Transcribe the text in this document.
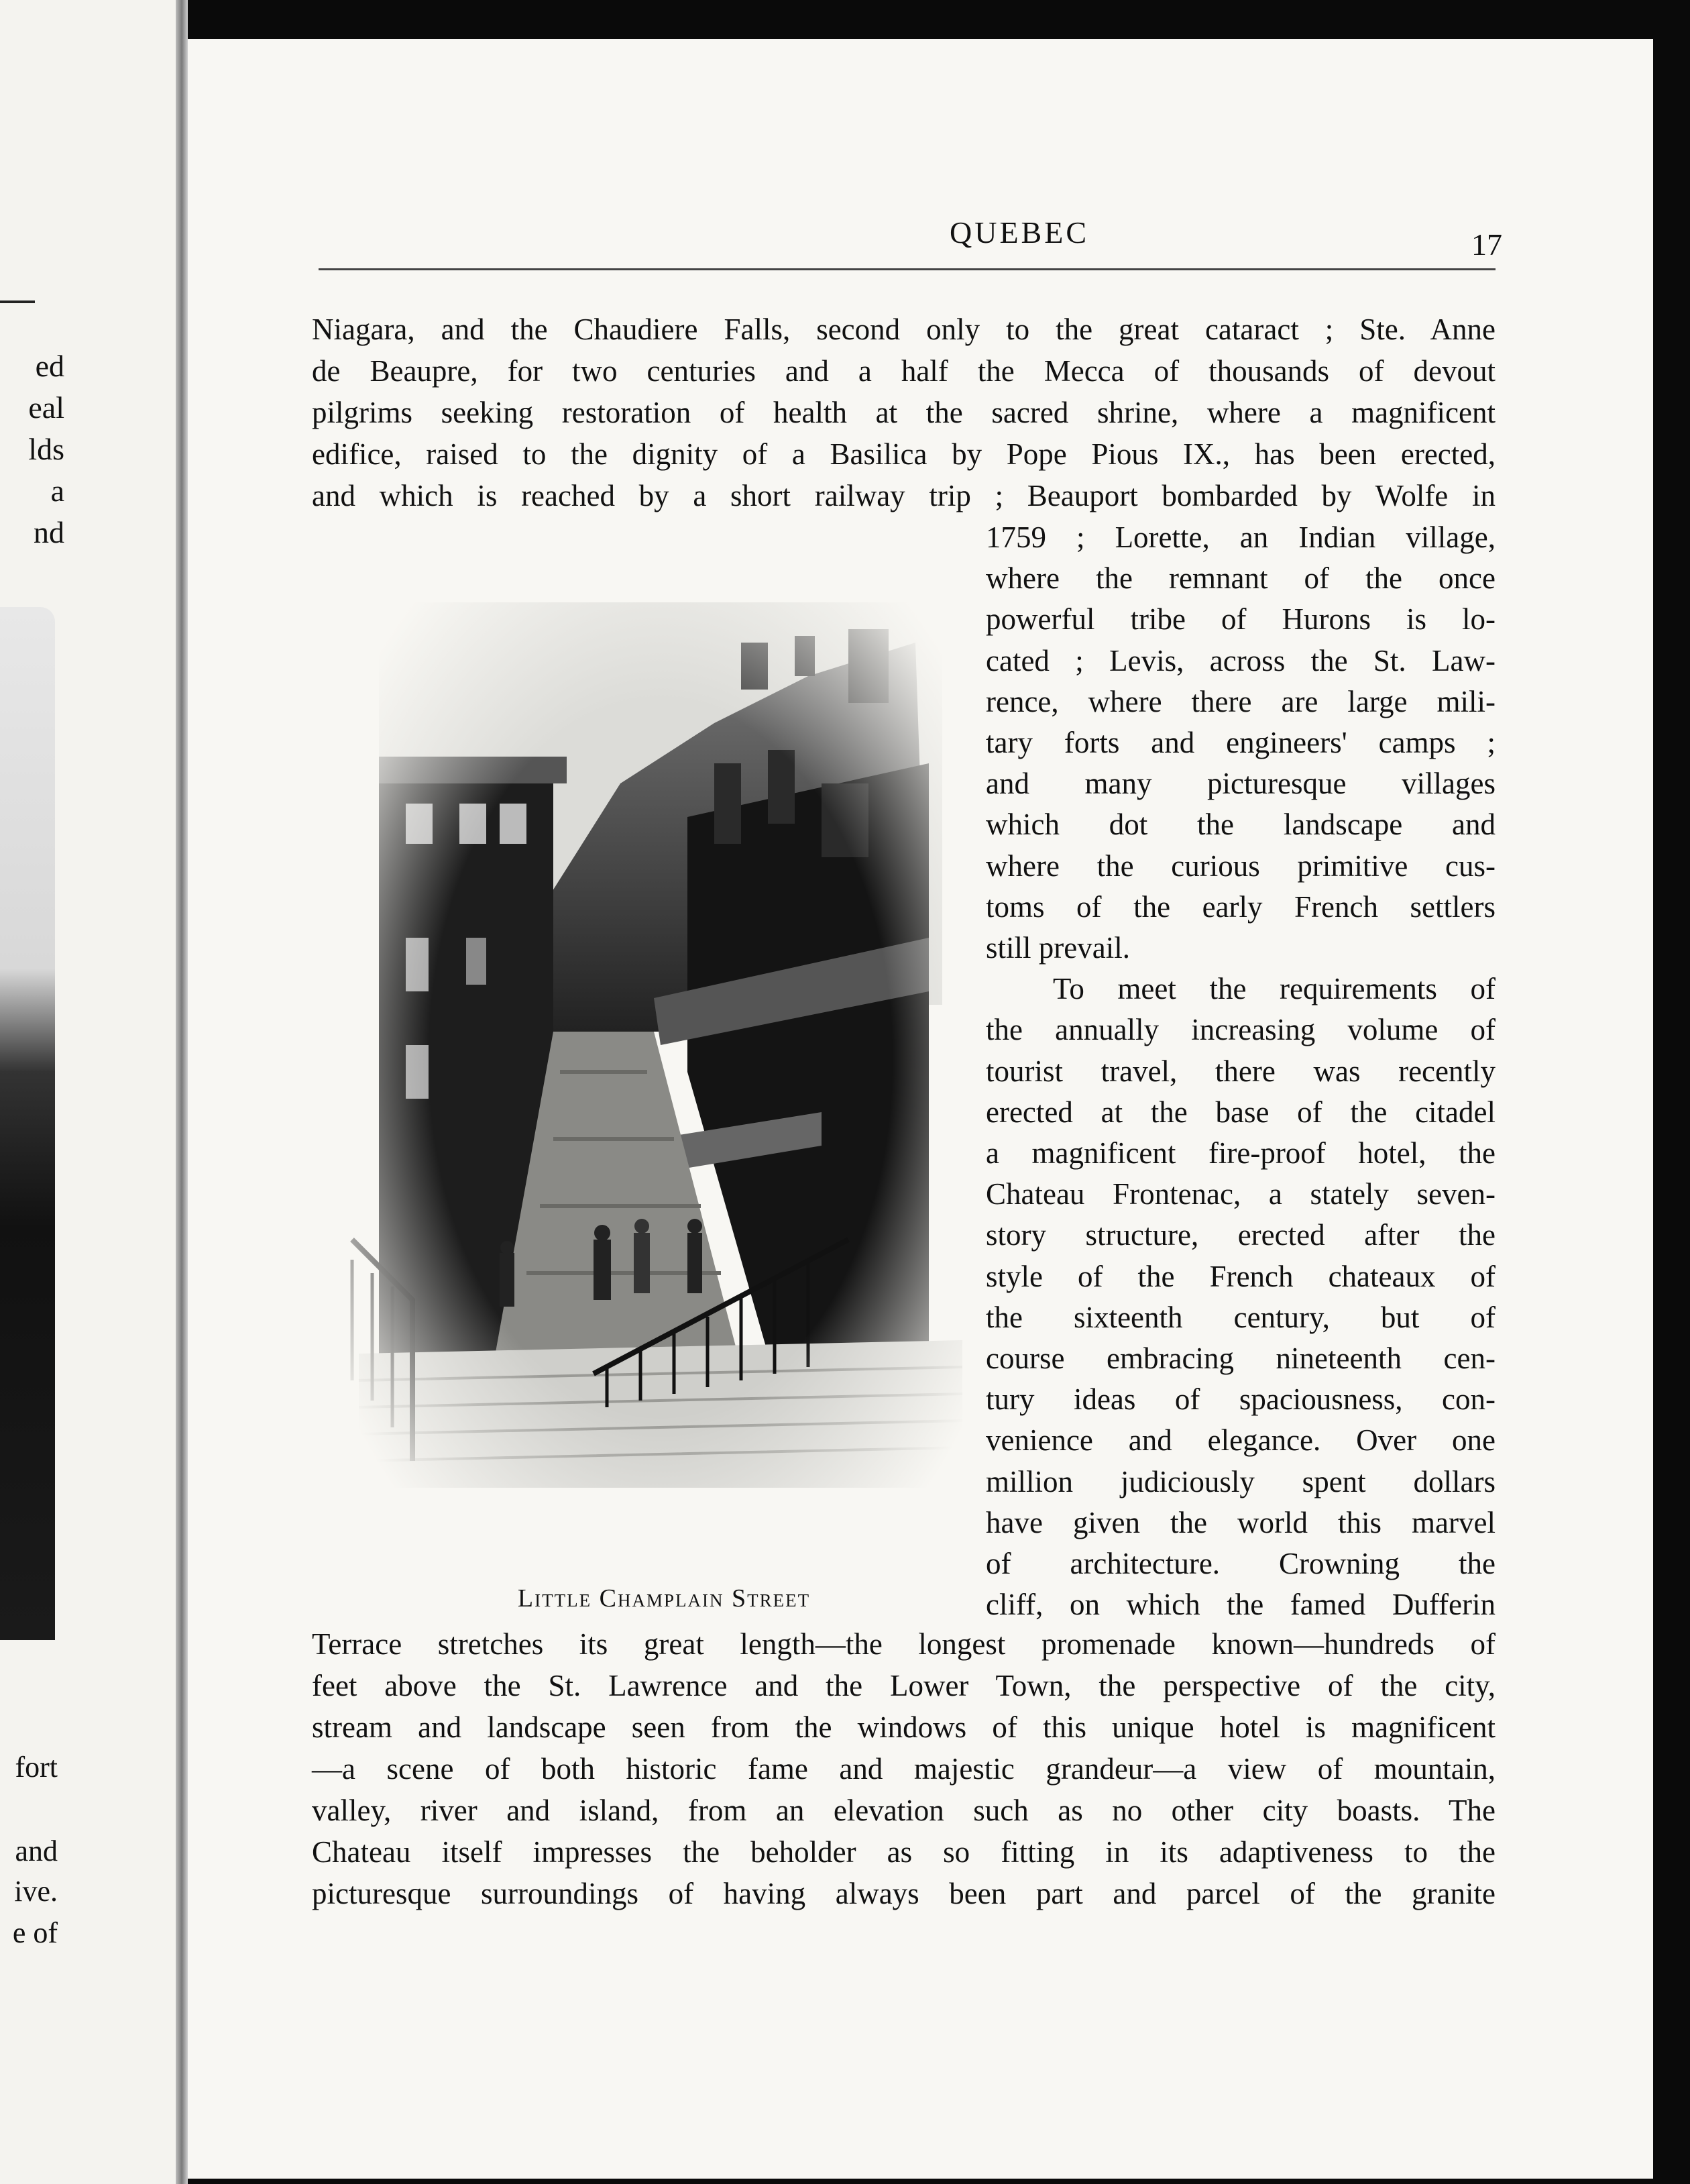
ed
eal
lds
a
nd
fort
and
ive.
e of
QUEBEC	17
Niagara, and the Chaudiere Falls, second only to the great cataract ; Ste. Anne
de Beaupre, for two centuries and a half the Mecca of thousands of devout
pilgrims seeking restoration of health at the sacred shrine, where a magnificent
edifice, raised to the dignity of a Basilica by Pope Pious IX., has been erected,
and which is reached by a short railway trip ; Beauport bombarded by Wolfe in
1759 ; Lorette, an Indian village,
where the remnant of the once
powerful tribe of Hurons is lo-
cated ; Levis, across the St. Law-
rence, where there are large mili-
tary forts and engineers' camps ;
and many picturesque villages
which dot the landscape and
where the curious primitive cus-
toms of the early French settlers
still prevail.
To meet the requirements of
the annually increasing volume of
tourist travel, there was recently
erected at the base of the citadel
a magnificent fire-proof hotel, the
Chateau Frontenac, a stately seven-
story structure, erected after the
style of the French chateaux of
the sixteenth century, but of
course embracing nineteenth cen-
tury ideas of spaciousness, con-
venience and elegance. Over one
million judiciously spent dollars
have given the world this marvel
of architecture. Crowning the
cliff, on which the famed Dufferin
Terrace stretches its great length—the longest promenade known—hundreds of
feet above the St. Lawrence and the Lower Town, the perspective of the city,
stream and landscape seen from the windows of this unique hotel is magnificent
—a scene of both historic fame and majestic grandeur—a view of mountain,
valley, river and island, from an elevation such as no other city boasts. The
Chateau itself impresses the beholder as so fitting in its adaptiveness to the
picturesque surroundings of having always been part and parcel of the granite
Little Champlain Street
